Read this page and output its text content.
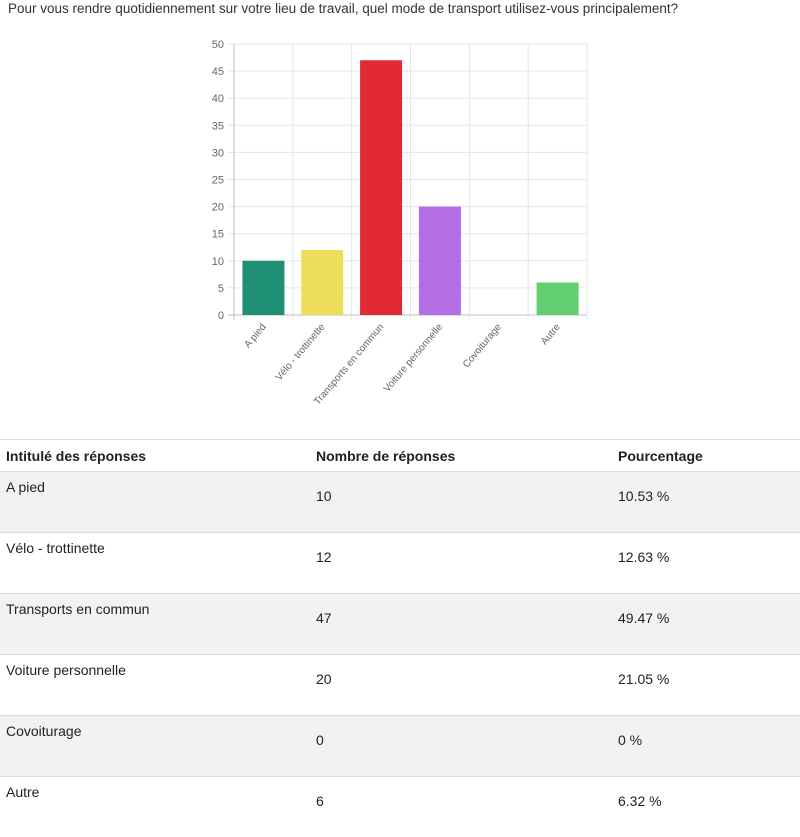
Pour vous rendre quotidiennement sur votre lieu de travail, quel mode de transport utilisez-vous principalement?
0
5
10
15
20
25
30
35
40
45
50
A pied Vélo - trottinette
Transports en commun
Voiture personnelle Covoiturage	Autre
Intitulé des réponses	Nombre de réponses	Pourcentage
A pied	10	10.53 %
Vélo - trottinette	12	12.63 %
Transports en commun	47	49.47 %
Voiture personnelle	20	21.05 %
Covoiturage	0	0 %
Autre	6	6.32 %
